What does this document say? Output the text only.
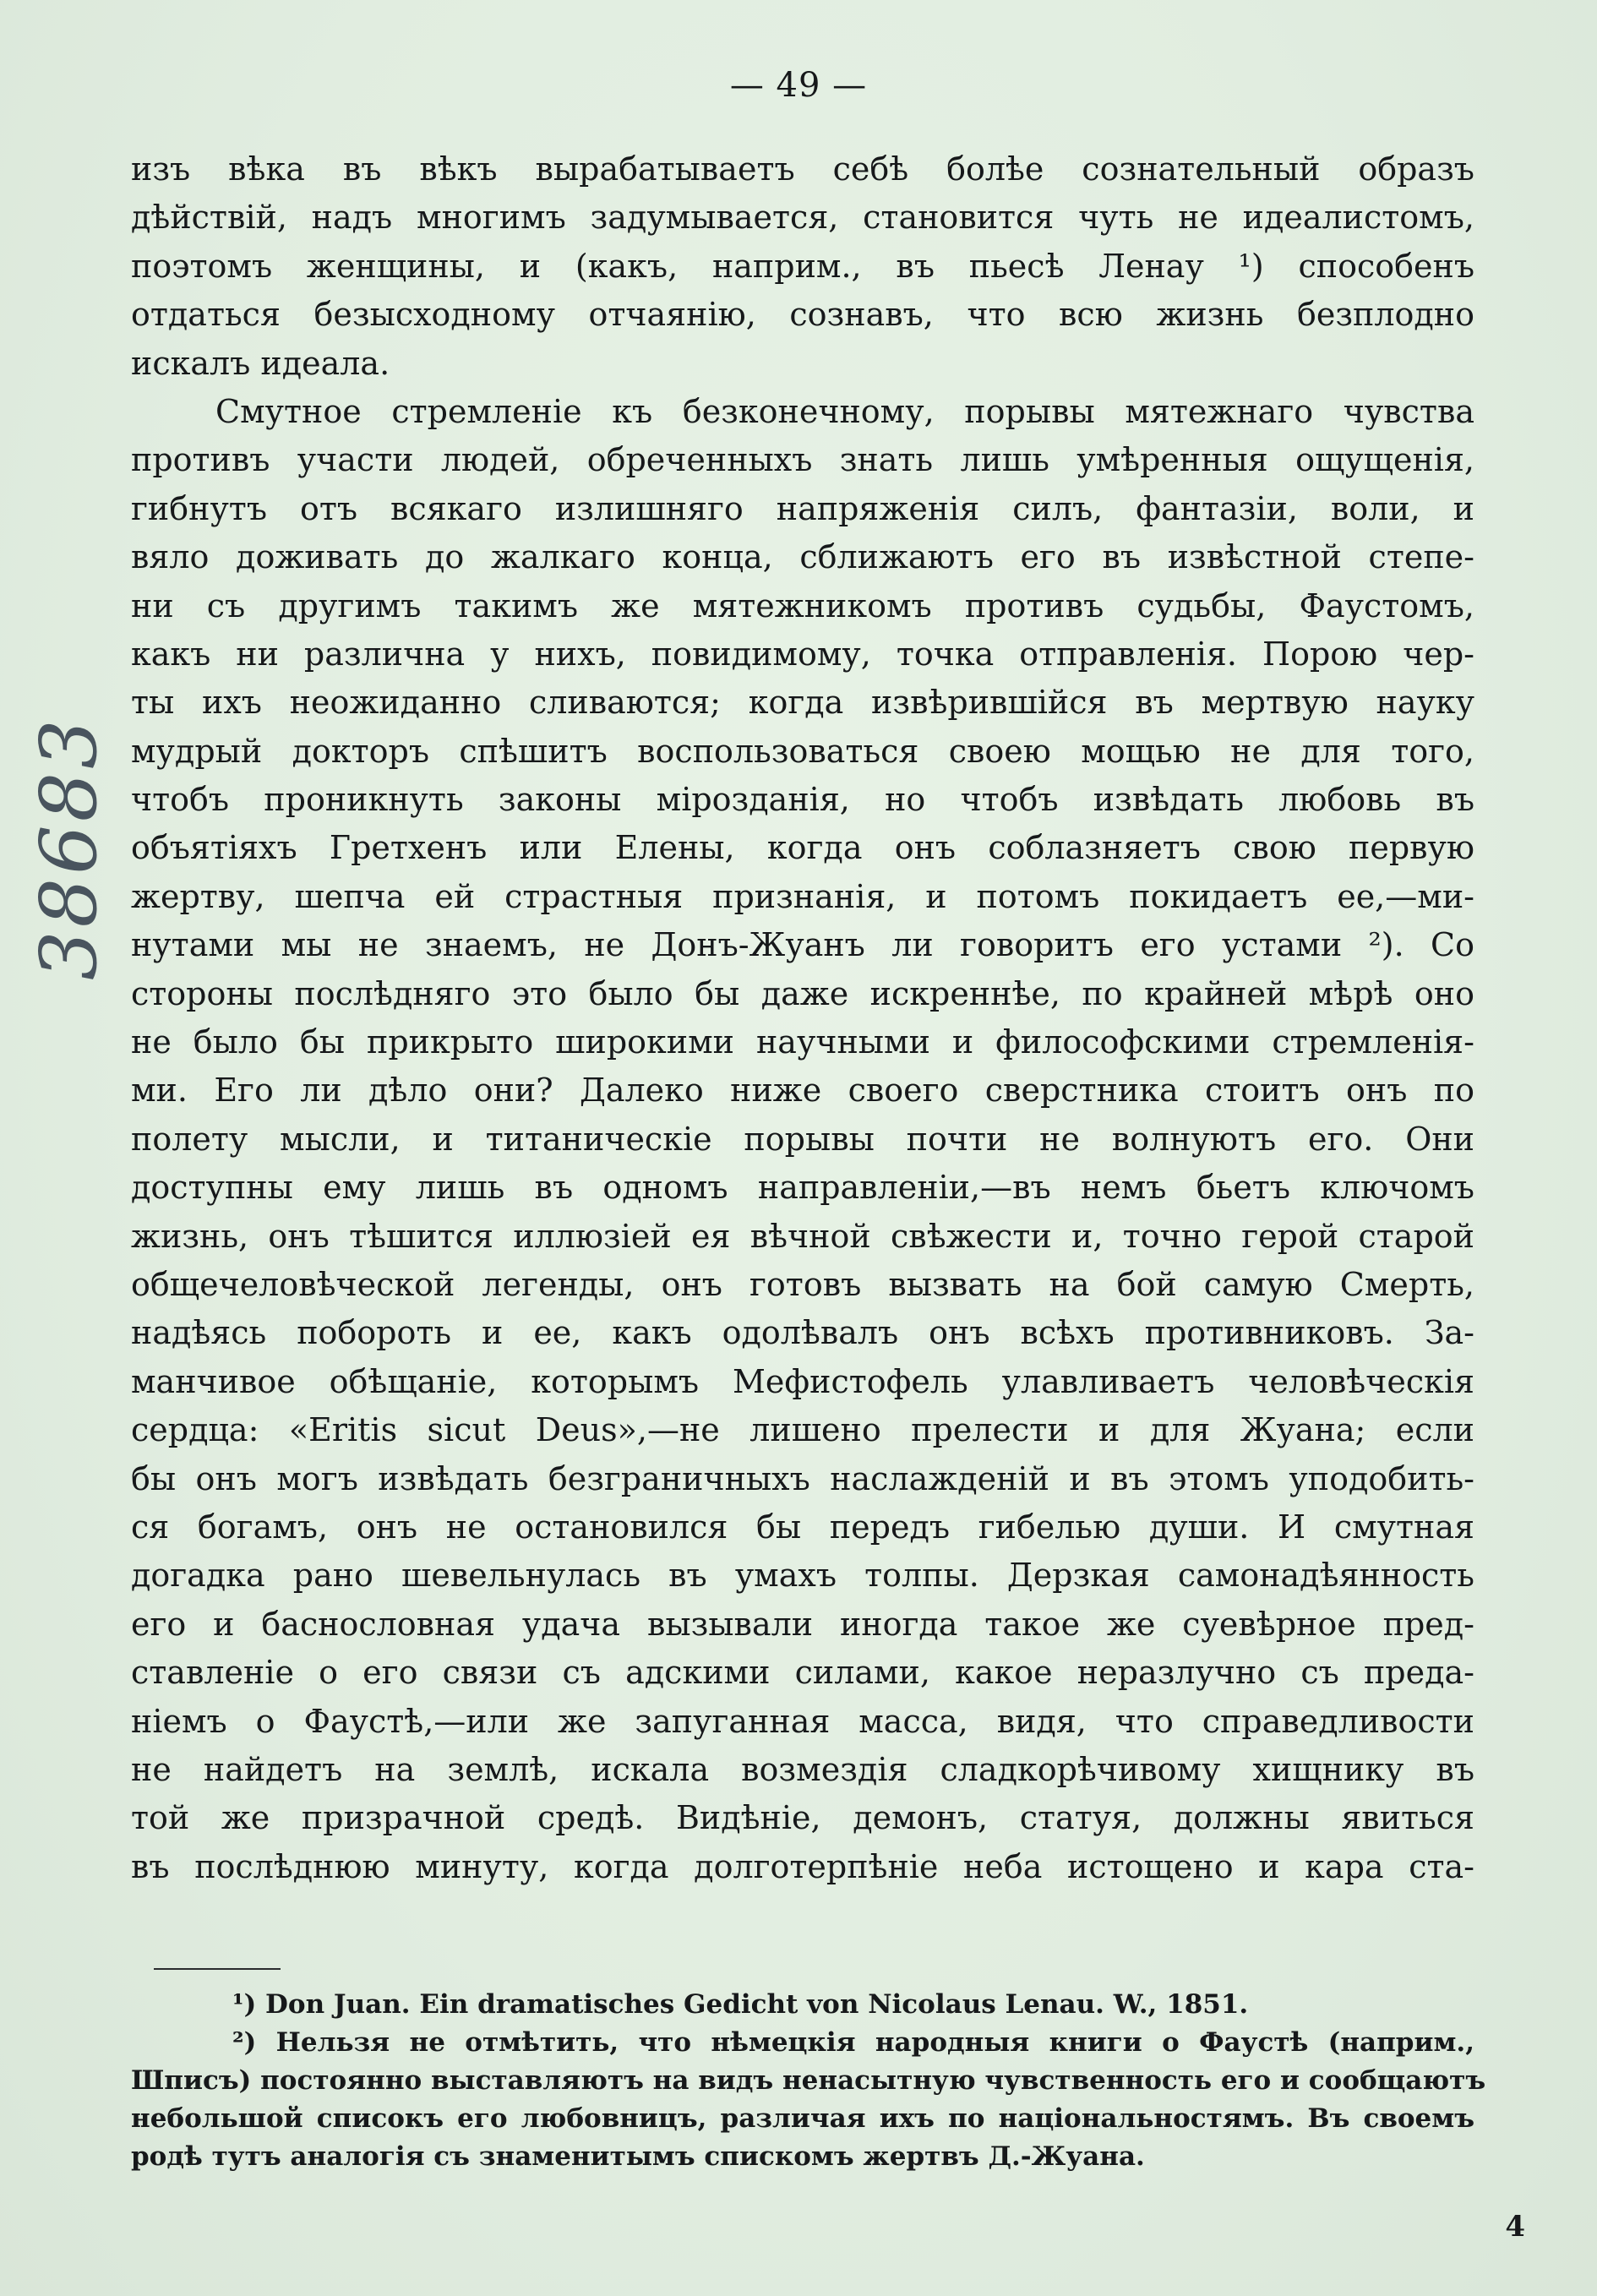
— 49 —
38683
изъ вѣка въ вѣкъ вырабатываетъ себѣ болѣе сознательный образъ
дѣйствій, надъ многимъ задумывается, становится чуть не идеалистомъ,
поэтомъ женщины, и (какъ, наприм., въ пьесѣ Ленау ¹) способенъ
отдаться безысходному отчаянію, сознавъ, что всю жизнь безплодно
искалъ идеала.
Смутное стремленіе къ безконечному, порывы мятежнаго чувства
противъ участи людей, обреченныхъ знать лишь умѣренныя ощущенія,
гибнутъ отъ всякаго излишняго напряженія силъ, фантазіи, воли, и
вяло доживать до жалкаго конца, сближаютъ его въ извѣстной степе-
ни съ другимъ такимъ же мятежникомъ противъ судьбы, Фаустомъ,
какъ ни различна у нихъ, повидимому, точка отправленія. Порою чер-
ты ихъ неожиданно сливаются; когда извѣрившійся въ мертвую науку
мудрый докторъ спѣшитъ воспользоваться своею мощью не для того,
чтобъ проникнуть законы мірозданія, но чтобъ извѣдать любовь въ
объятіяхъ Гретхенъ или Елены, когда онъ соблазняетъ свою первую
жертву, шепча ей страстныя признанія, и потомъ покидаетъ ее,—ми-
нутами мы не знаемъ, не Донъ-Жуанъ ли говоритъ его устами ²). Со
стороны послѣдняго это было бы даже искреннѣе, по крайней мѣрѣ оно
не было бы прикрыто широкими научными и философскими стремленія-
ми. Его ли дѣло они? Далеко ниже своего сверстника стоитъ онъ по
полету мысли, и титаническіе порывы почти не волнуютъ его. Они
доступны ему лишь въ одномъ направленіи,—въ немъ бьетъ ключомъ
жизнь, онъ тѣшится иллюзіей ея вѣчной свѣжести и, точно герой старой
общечеловѣческой легенды, онъ готовъ вызвать на бой самую Смерть,
надѣясь побороть и ее, какъ одолѣвалъ онъ всѣхъ противниковъ. За-
манчивое обѣщаніе, которымъ Мефистофель улавливаетъ человѣческія
сердца: «Eritis sicut Deus»,—не лишено прелести и для Жуана; если
бы онъ могъ извѣдать безграничныхъ наслажденій и въ этомъ уподобить-
ся богамъ, онъ не остановился бы передъ гибелью души. И смутная
догадка рано шевельнулась въ умахъ толпы. Дерзкая самонадѣянность
его и баснословная удача вызывали иногда такое же суевѣрное пред-
ставленіе о его связи съ адскими силами, какое неразлучно съ преда-
ніемъ о Фаустѣ,—или же запуганная масса, видя, что справедливости
не найдетъ на землѣ, искала возмездія сладкорѣчивому хищнику въ
той же призрачной средѣ. Видѣніе, демонъ, статуя, должны явиться
въ послѣднюю минуту, когда долготерпѣніе неба истощено и кара ста-
¹) Don Juan. Ein dramatisches Gedicht von Nicolaus Lenau. W., 1851.
²) Нельзя не отмѣтить, что нѣмецкія народныя книги о Фаустѣ (наприм.,
Шписъ) постоянно выставляютъ на видъ ненасытную чувственность его и сообщаютъ
небольшой списокъ его любовницъ, различая ихъ по національностямъ. Въ своемъ
родѣ тутъ аналогія съ знаменитымъ спискомъ жертвъ Д.-Жуана.
4
